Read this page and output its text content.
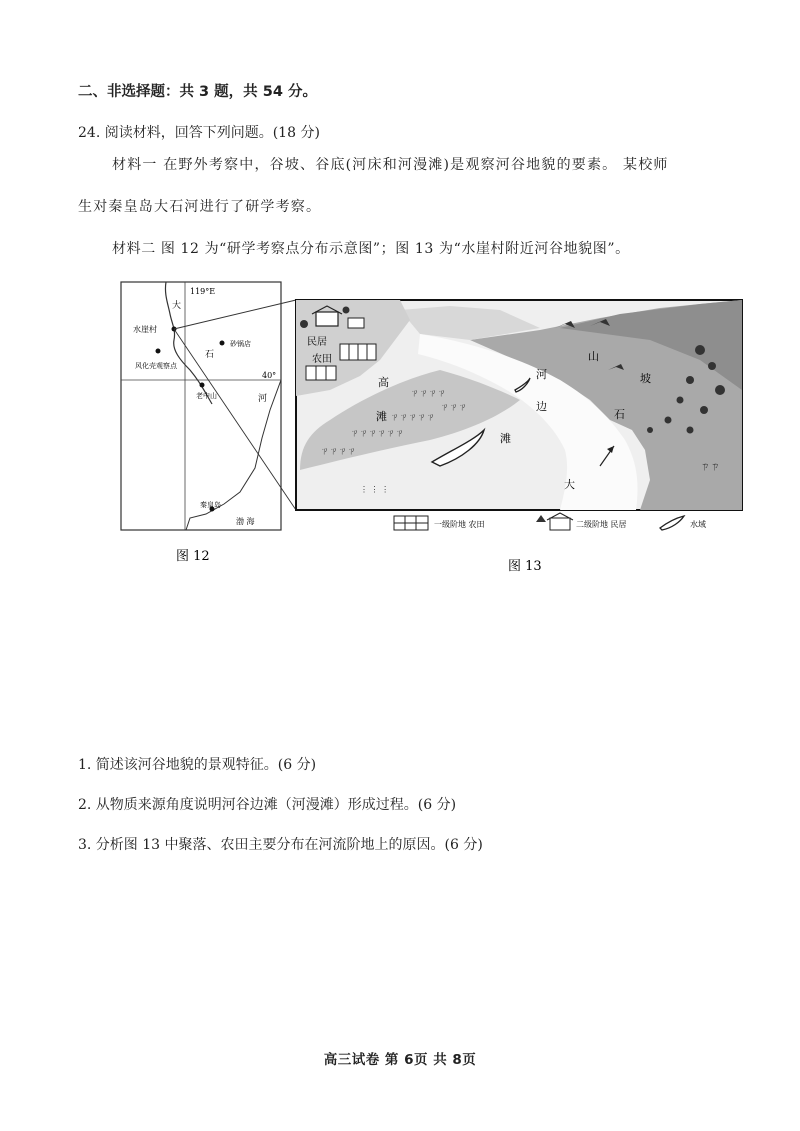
二、非选择题：共 3 题，共 54 分。
24. 阅读材料，回答下列问题。(18 分)
材料一 在野外考察中，谷坡、谷底(河床和河漫滩)是观察河谷地貌的要素。 某校师
生对秦皇岛大石河进行了研学考察。
材料二 图 12 为“研学考察点分布示意图”；图 13 为“水崖村附近河谷地貌图”。
119°E
40°
大
水崖村
石
砂锅店
风化壳观察点
老中山	河
秦皇岛
渤 海
图 12
ㄗㄗㄗㄗ
ㄗㄗㄗㄗㄗ
ㄗㄗㄗㄗㄗㄗ
ㄗㄗㄗㄗ
ㄗㄗㄗ
⋮ ⋮ ⋮
ㄗㄗ
民居
农田
高
滩
河
边
滩
大
石
山
坡
一级阶地 农田	二级阶地 民居	水域
图 13
1. 简述该河谷地貌的景观特征。(6 分)
2. 从物质来源角度说明河谷边滩（河漫滩）形成过程。(6 分)
3. 分析图 13 中聚落、农田主要分布在河流阶地上的原因。(6 分)
高三试卷 第 6页 共 8页
